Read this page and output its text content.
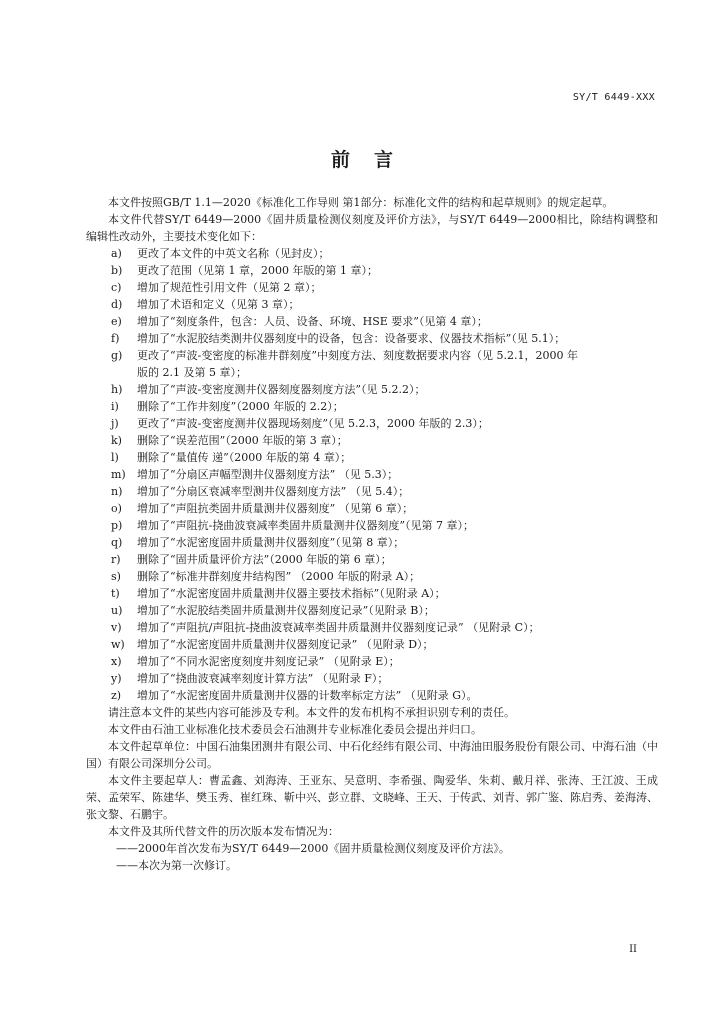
SY/T 6449-XXX
前言

本文件按照GB/T 1.1—2020《标准化工作导则 第1部分：标准化文件的结构和起草规则》的规定起草。

本文件代替SY/T 6449—2000《固井质量检测仪刻度及评价方法》，与SY/T 6449—2000相比，除结构调整和编辑性改动外，主要技术变化如下：

a)	更改了本文件的中英文名称（见封皮）；
b)	更改了范围（见第 1 章，2000 年版的第 1 章）；
c)	增加了规范性引用文件（见第 2 章）；
d)	增加了术语和定义（见第 3 章）；
e)	增加了“刻度条件，包含：人员、设备、环境、HSE 要求”（见第 4 章）；
f)	增加了“水泥胶结类测井仪器刻度中的设备，包含：设备要求、仪器技术指标”（见 5.1）；
g)	更改了“声波-变密度的标准井群刻度”中刻度方法、刻度数据要求内容（见 5.2.1，2000 年
版的 2.1 及第 5 章）；
h)	增加了“声波-变密度测井仪器刻度器刻度方法”（见 5.2.2）；
i)	删除了“工作井刻度”（2000 年版的 2.2）；
j)	更改了“声波-变密度测井仪器现场刻度”（见 5.2.3，2000 年版的 2.3）；
k)	删除了“误差范围”（2000 年版的第 3 章）；
l)	删除了“量值传 递”（2000 年版的第 4 章）；
m)	增加了“分扇区声幅型测井仪器刻度方法” （见 5.3）；
n)	增加了“分扇区衰减率型测井仪器刻度方法” （见 5.4）；
o)	增加了“声阻抗类固井质量测井仪器刻度” （见第 6 章）；
p)	增加了“声阻抗-挠曲波衰减率类固井质量测井仪器刻度”（见第 7 章）；
q)	增加了“水泥密度固井质量测井仪器刻度”（见第 8 章）；
r)	删除了“固井质量评价方法”（2000 年版的第 6 章）；
s)	删除了“标准井群刻度井结构图” （2000 年版的附录 A）；
t)	增加了“水泥密度固井质量测井仪器主要技术指标”（见附录 A）；
u)	增加了“水泥胶结类固井质量测井仪器刻度记录”（见附录 B）；
v)	增加了“声阻抗/声阻抗-挠曲波衰减率类固井质量测井仪器刻度记录” （见附录 C）；
w)	增加了“水泥密度固井质量测井仪器刻度记录” （见附录 D）；
x)	增加了“不同水泥密度刻度井刻度记录” （见附录 E）；
y)	增加了“挠曲波衰减率刻度计算方法” （见附录 F）；
z)	增加了“水泥密度固井质量测井仪器的计数率标定方法” （见附录 G）。

请注意本文件的某些内容可能涉及专利。本文件的发布机构不承担识别专利的责任。

本文件由石油工业标准化技术委员会石油测井专业标准化委员会提出并归口。

本文件起草单位：中国石油集团测井有限公司、中石化经纬有限公司、中海油田服务股份有限公司、中海石油（中国）有限公司深圳分公司。

本文件主要起草人：曹孟鑫、刘海涛、王亚东、吴意明、李希强、陶爱华、朱莉、戴月祥、张涛、王江波、王成荣、孟荣军、陈建华、樊玉秀、崔红珠、靳中兴、彭立群、文晓峰、王天、于传武、刘青、郭广鉴、陈启秀、姜海涛、张文黎、石鹏宇。

本文件及其所代替文件的历次版本发布情况为：

——2000年首次发布为SY/T 6449—2000《固井质量检测仪刻度及评价方法》。

——本次为第一次修订。

II
